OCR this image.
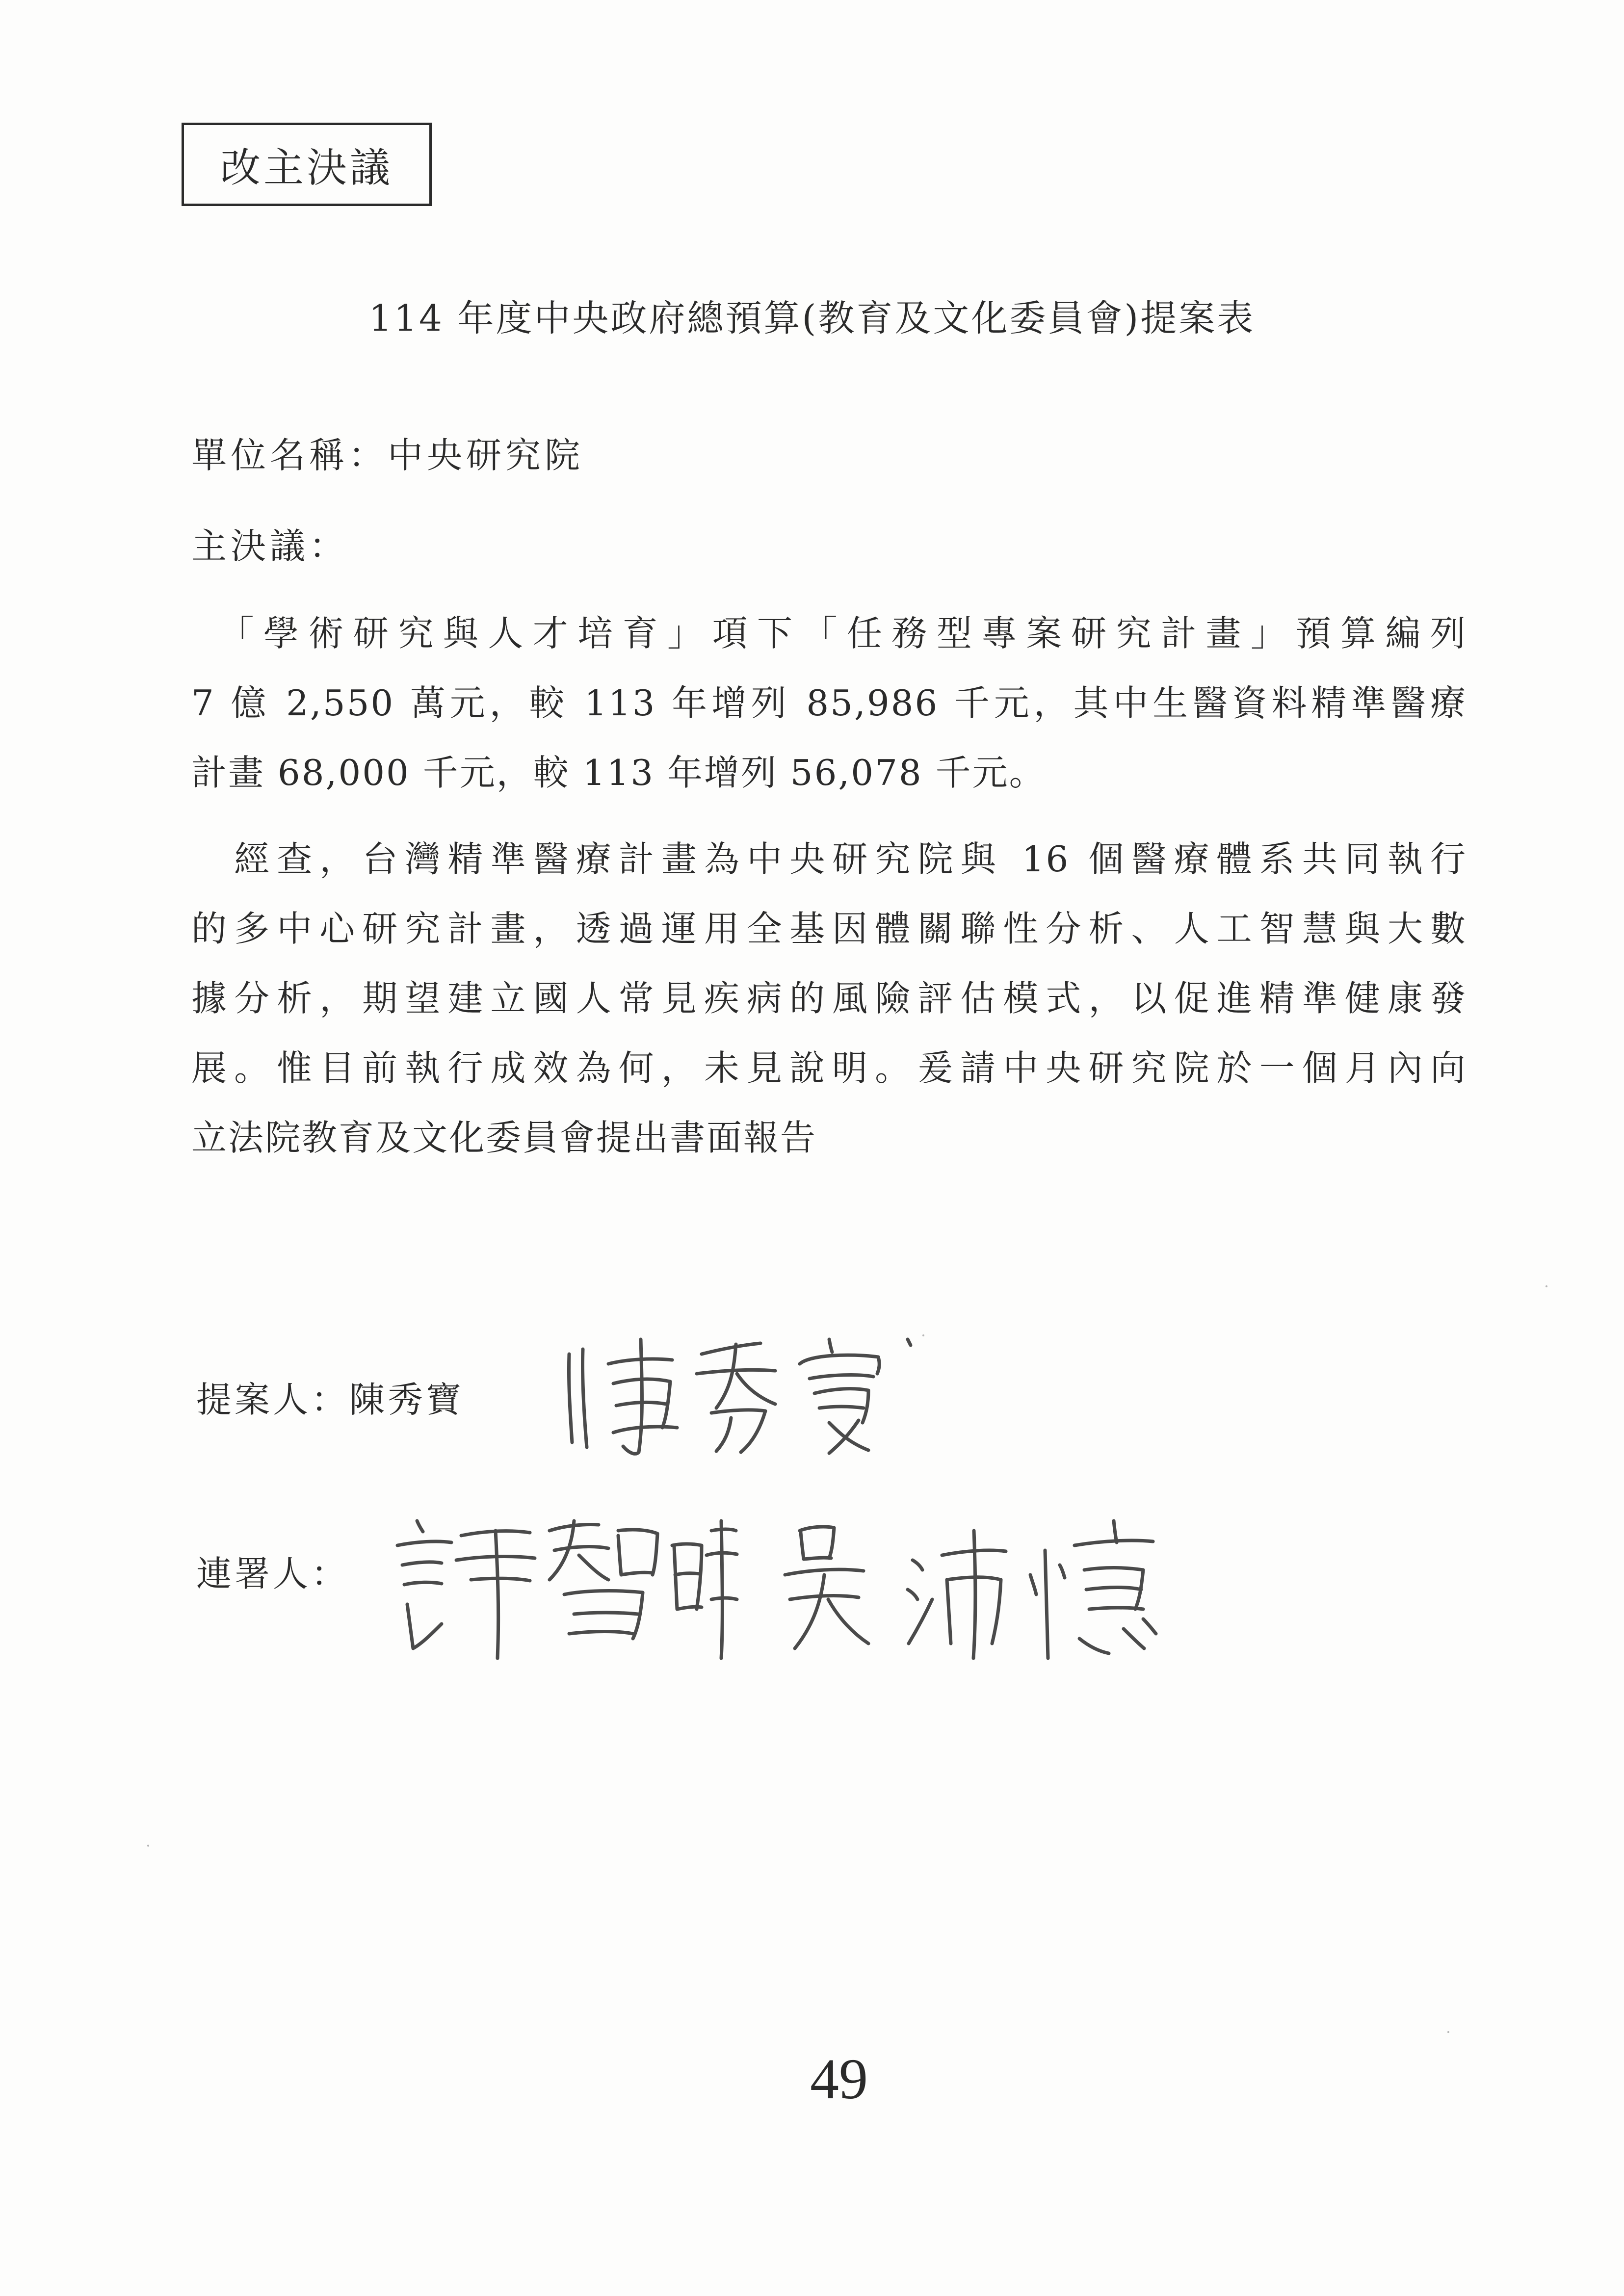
改主決議
114 年度中央政府總預算(教育及文化委員會)提案表
單位名稱：中央研究院
主決議：
　「學術研究與人才培育」項下「任務型專案研究計畫」預算編列
7 億 2,550 萬元，較 113 年增列 85,986 千元，其中生醫資料精準醫療
計畫 68,000 千元，較 113 年增列 56,078 千元。
　經查，台灣精準醫療計畫為中央研究院與 16 個醫療體系共同執行
的多中心研究計畫，透過運用全基因體關聯性分析、人工智慧與大數
據分析，期望建立國人常見疾病的風險評估模式，以促進精準健康發
展。惟目前執行成效為何，未見說明。爰請中央研究院於一個月內向
立法院教育及文化委員會提出書面報告
提案人：陳秀寶
連署人：
49
